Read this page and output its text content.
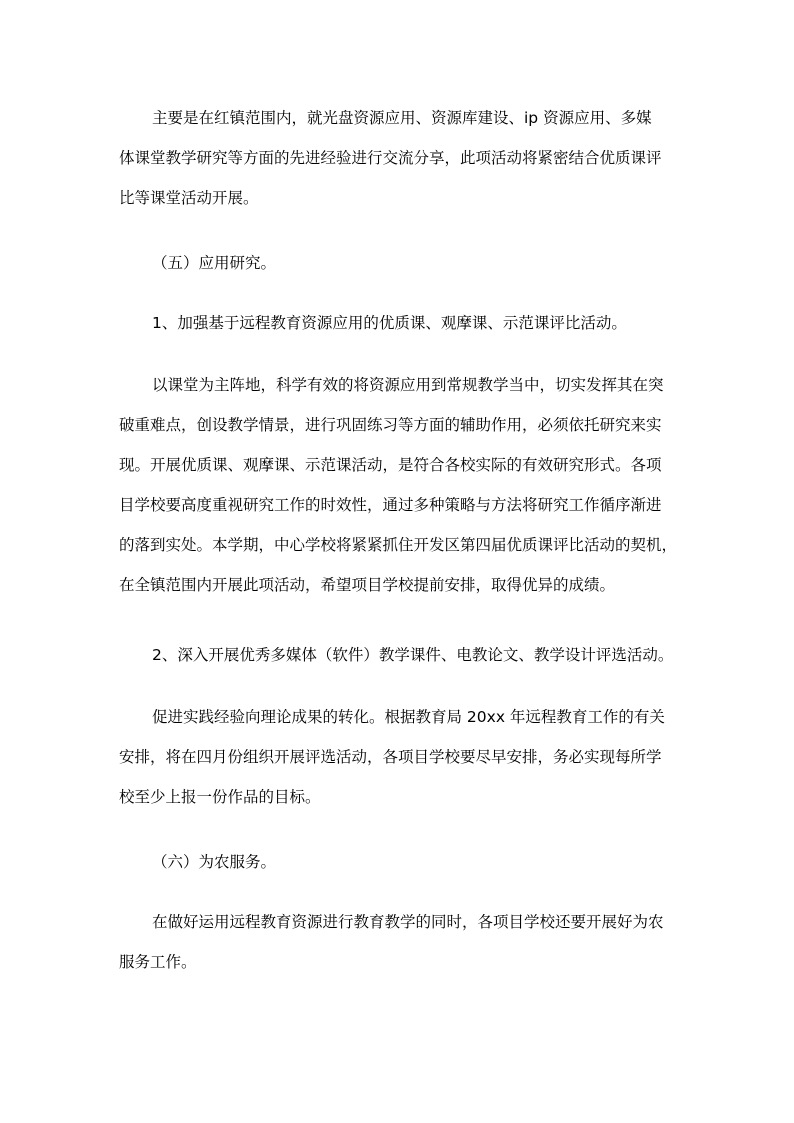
主要是在红镇范围内，就光盘资源应用、资源库建设、ip 资源应用、多媒
体课堂教学研究等方面的先进经验进行交流分享，此项活动将紧密结合优质课评
比等课堂活动开展。

（五）应用研究。

1、加强基于远程教育资源应用的优质课、观摩课、示范课评比活动。

以课堂为主阵地，科学有效的将资源应用到常规教学当中，切实发挥其在突
破重难点，创设教学情景，进行巩固练习等方面的辅助作用，必须依托研究来实
现。开展优质课、观摩课、示范课活动，是符合各校实际的有效研究形式。各项
目学校要高度重视研究工作的时效性，通过多种策略与方法将研究工作循序渐进
的落到实处。本学期，中心学校将紧紧抓住开发区第四届优质课评比活动的契机，
在全镇范围内开展此项活动，希望项目学校提前安排，取得优异的成绩。

2、深入开展优秀多媒体（软件）教学课件、电教论文、教学设计评选活动。

促进实践经验向理论成果的转化。根据教育局 20xx 年远程教育工作的有关
安排，将在四月份组织开展评选活动，各项目学校要尽早安排，务必实现每所学
校至少上报一份作品的目标。

（六）为农服务。

在做好运用远程教育资源进行教育教学的同时，各项目学校还要开展好为农
服务工作。
